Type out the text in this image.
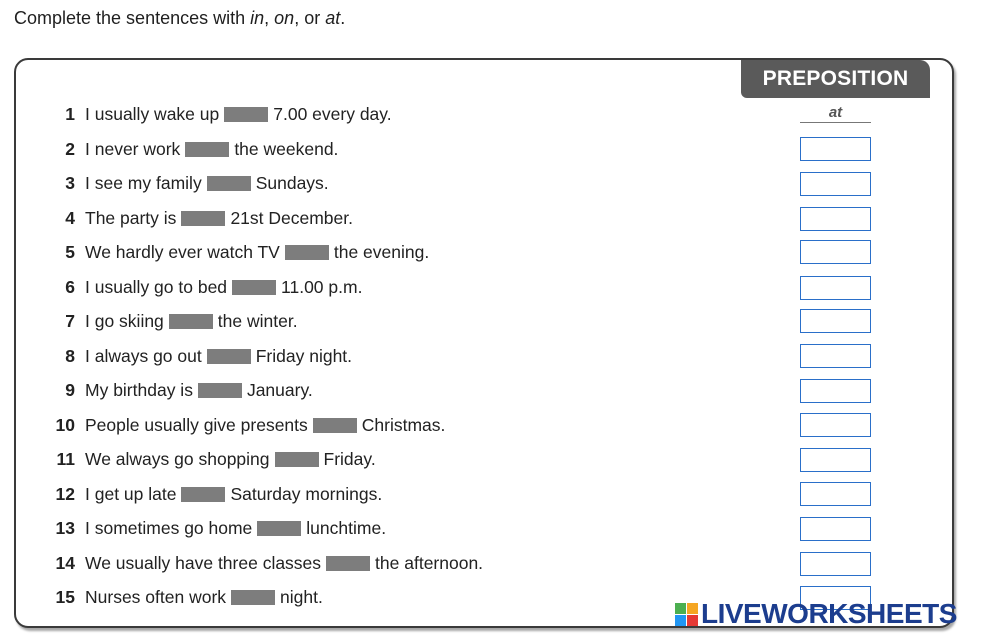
Complete the sentences with in, on, or at.
PREPOSITION
at
1 I usually wake up	7.00 every day.
2 I never work	the weekend.
3 I see my family	Sundays.
4 The party is	21st December.
5 We hardly ever watch TV	the evening.
6 I usually go to bed	11.00 p.m.
7 I go skiing	the winter.
8 I always go out	Friday night.
9 My birthday is	January.
10 People usually give presents	Christmas.
11 We always go shopping	Friday.
12 I get up late	Saturday mornings.
13 I sometimes go home	lunchtime.
14 We usually have three classes	the afternoon.
15 Nurses often work	night.
LIVEWORKSHEETS
